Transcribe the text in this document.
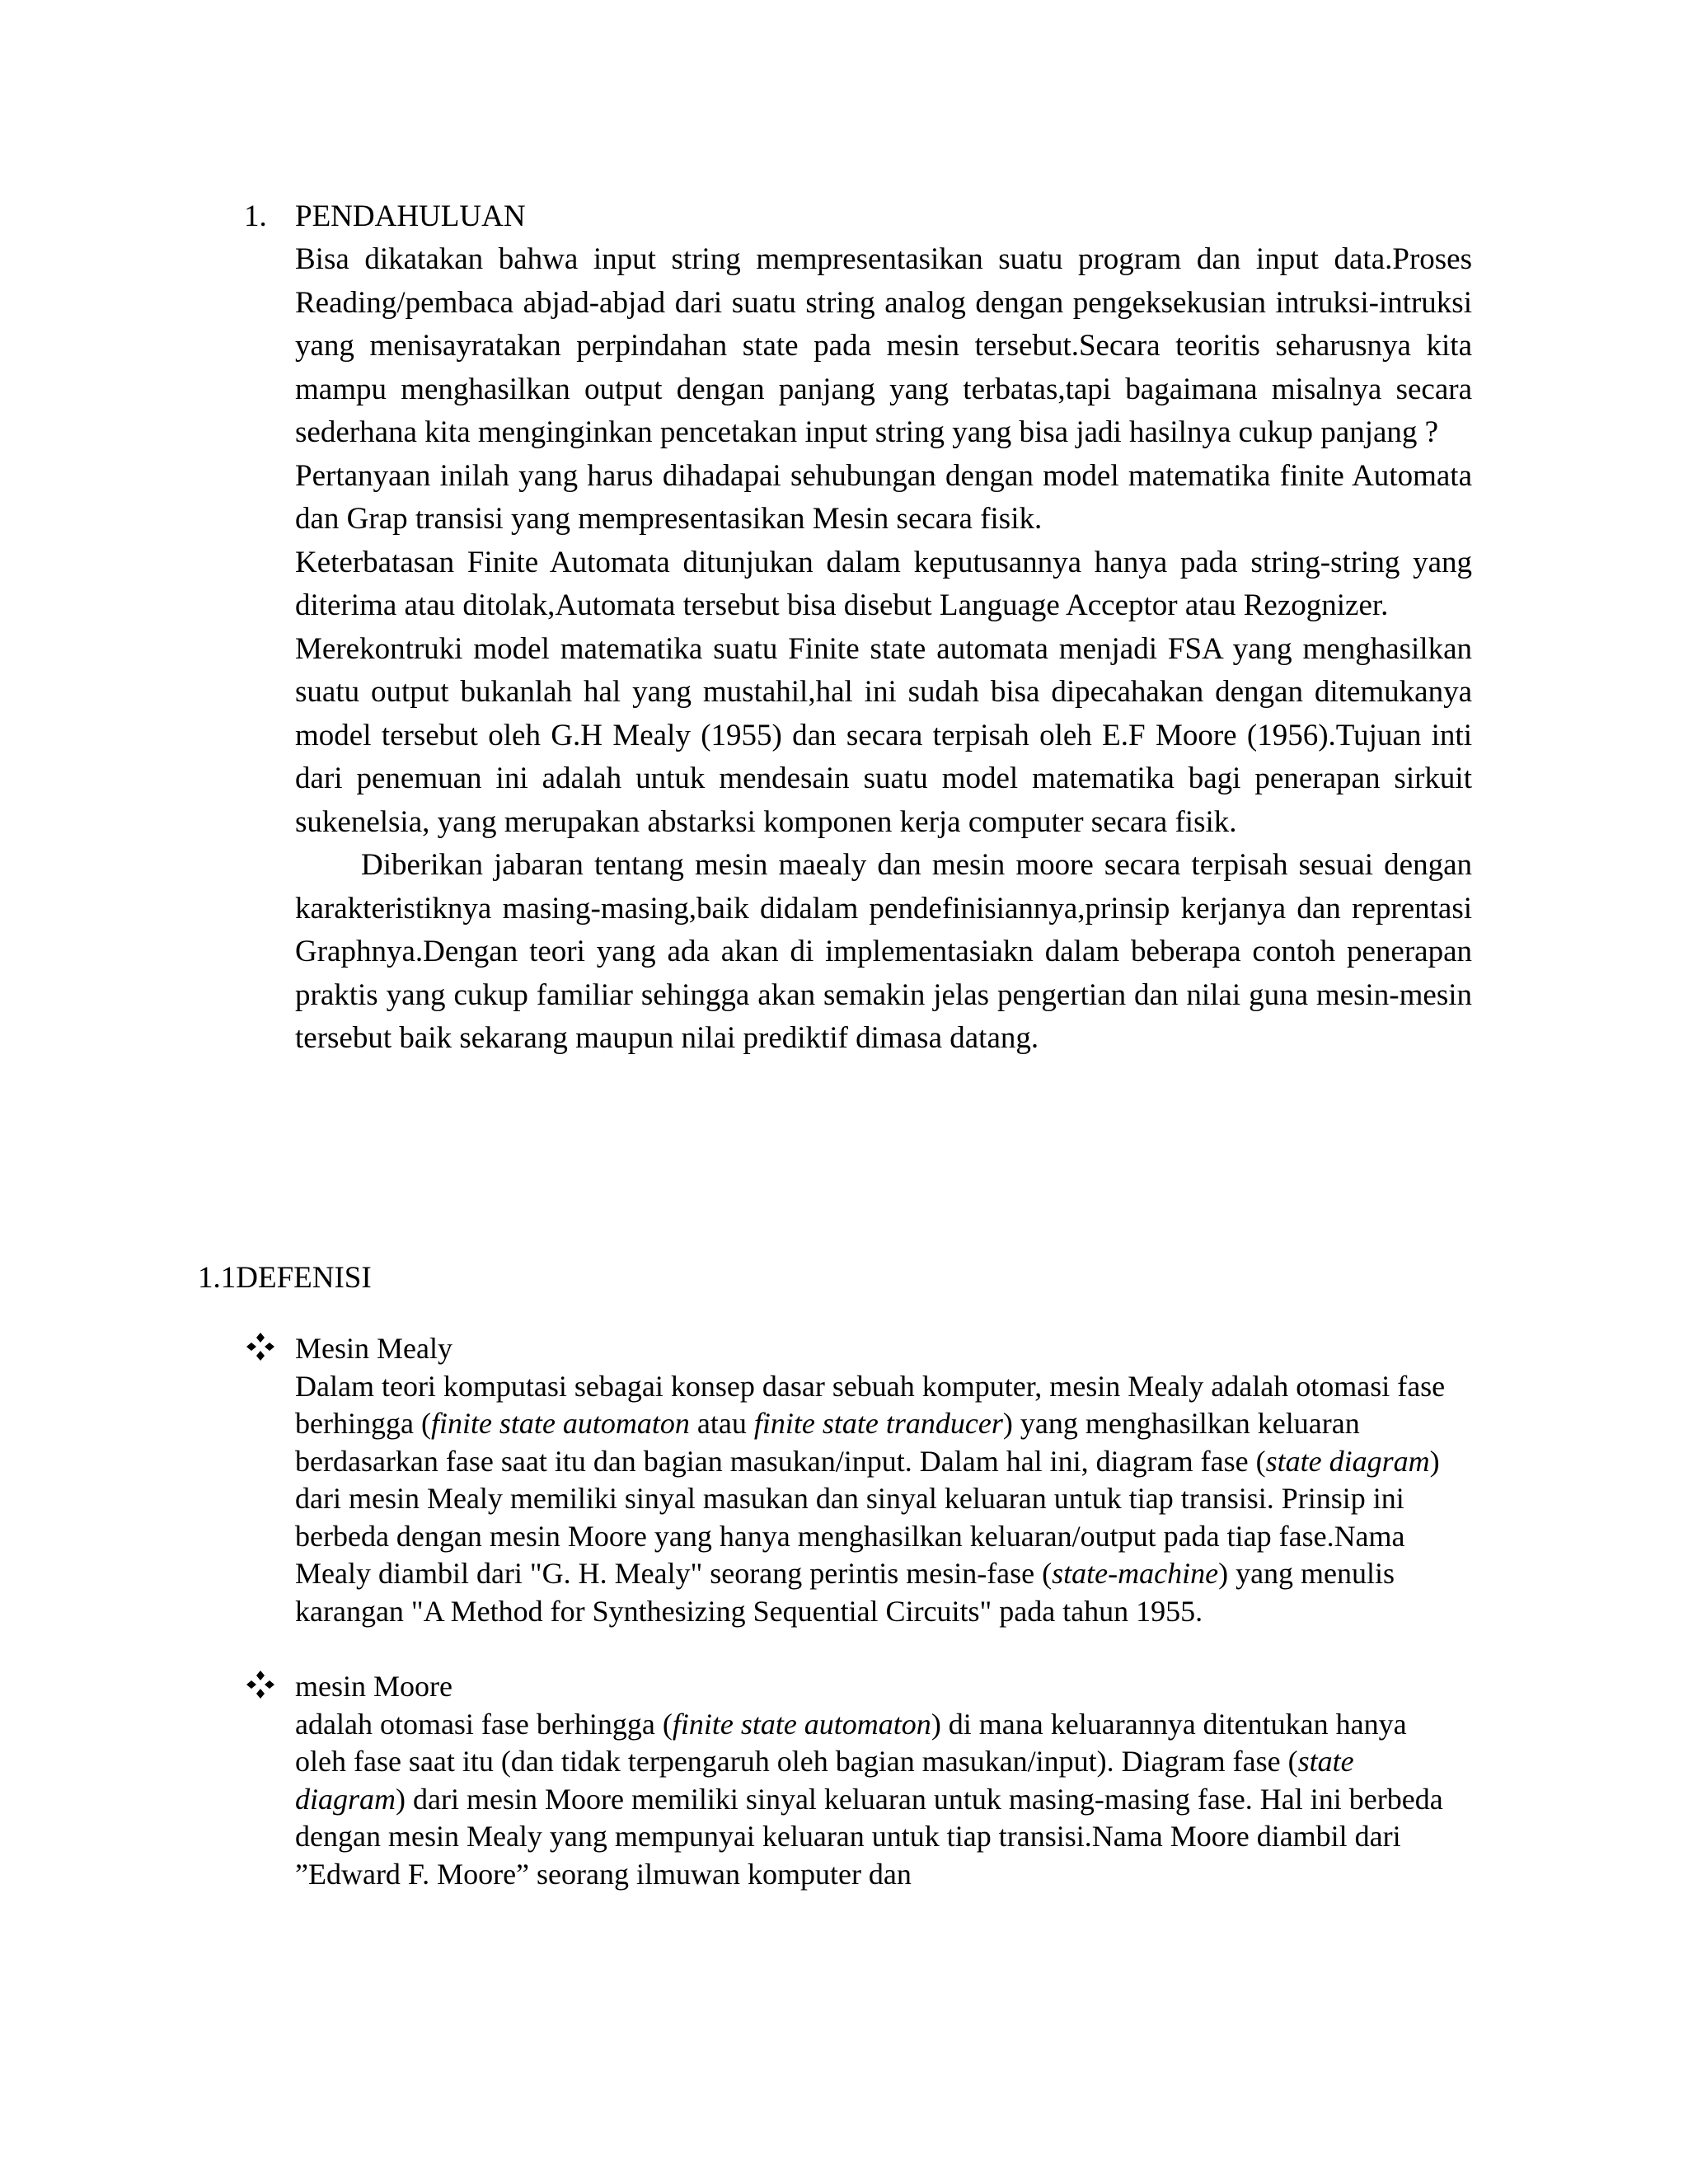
1. PENDAHULUAN

Bisa dikatakan bahwa input string mempresentasikan suatu program dan input data.Proses Reading/pembaca abjad-abjad dari suatu string analog dengan pengeksekusian intruksi-intruksi yang menisayratakan perpindahan state pada mesin tersebut.Secara teoritis seharusnya kita mampu menghasilkan output dengan panjang yang terbatas,tapi bagaimana misalnya secara sederhana kita menginginkan pencetakan input string yang bisa jadi hasilnya cukup panjang ?

Pertanyaan inilah yang harus dihadapai sehubungan dengan model matematika finite Automata dan Grap transisi yang mempresentasikan Mesin secara fisik.

Keterbatasan Finite Automata ditunjukan dalam keputusannya hanya pada string-string yang diterima atau ditolak,Automata tersebut bisa disebut Language Acceptor atau Rezognizer.

Merekontruki model matematika suatu Finite state automata menjadi FSA yang menghasilkan suatu output bukanlah hal yang mustahil,hal ini sudah bisa dipecahakan dengan ditemukanya model tersebut oleh G.H Mealy (1955) dan secara terpisah oleh E.F Moore (1956).Tujuan inti dari penemuan ini adalah untuk mendesain suatu model matematika bagi penerapan sirkuit sukenelsia, yang merupakan abstarksi komponen kerja computer secara fisik.

Diberikan jabaran tentang mesin maealy dan mesin moore secara terpisah sesuai dengan karakteristiknya masing-masing,baik didalam pendefinisiannya,prinsip kerjanya dan reprentasi Graphnya.Dengan teori yang ada akan di implementasiakn dalam beberapa contoh penerapan praktis yang cukup familiar sehingga akan semakin jelas pengertian dan nilai guna mesin-mesin tersebut baik sekarang maupun nilai prediktif dimasa datang.

1.1DEFENISI

Mesin Mealy

Dalam teori komputasi sebagai konsep dasar sebuah komputer, mesin Mealy adalah otomasi fase berhingga (finite state automaton atau finite state tranducer) yang menghasilkan keluaran berdasarkan fase saat itu dan bagian masukan/input. Dalam hal ini, diagram fase (state diagram) dari mesin Mealy memiliki sinyal masukan dan sinyal keluaran untuk tiap transisi. Prinsip ini berbeda dengan mesin Moore yang hanya menghasilkan keluaran/output pada tiap fase.Nama Mealy diambil dari "G. H. Mealy" seorang perintis mesin-fase (state-machine) yang menulis karangan "A Method for Synthesizing Sequential Circuits" pada tahun 1955.

mesin Moore

adalah otomasi fase berhingga (finite state automaton) di mana keluarannya ditentukan hanya oleh fase saat itu (dan tidak terpengaruh oleh bagian masukan/input). Diagram fase (state diagram) dari mesin Moore memiliki sinyal keluaran untuk masing-masing fase. Hal ini berbeda dengan mesin Mealy yang mempunyai keluaran untuk tiap transisi.Nama Moore diambil dari ”Edward F. Moore” seorang ilmuwan komputer dan
